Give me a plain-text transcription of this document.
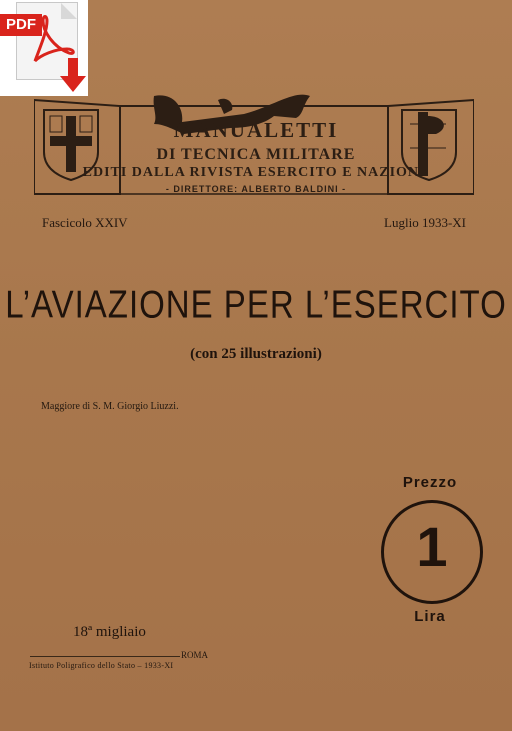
PDF
MANUALETTI
DI TECNICA MILITARE
EDITI DALLA RIVISTA ESERCITO E NAZIONE
- DIRETTORE: ALBERTO BALDINI -
Fascicolo XXIV	Luglio 1933-XI
L’AVIAZIONE PER L’ESERCITO
(con 25 illustrazioni)
Maggiore di S. M. Giorgio Liuzzi.
Prezzo
1
Lira
18ª migliaio
ROMA
Istituto Poligrafico dello Stato – 1933-XI
